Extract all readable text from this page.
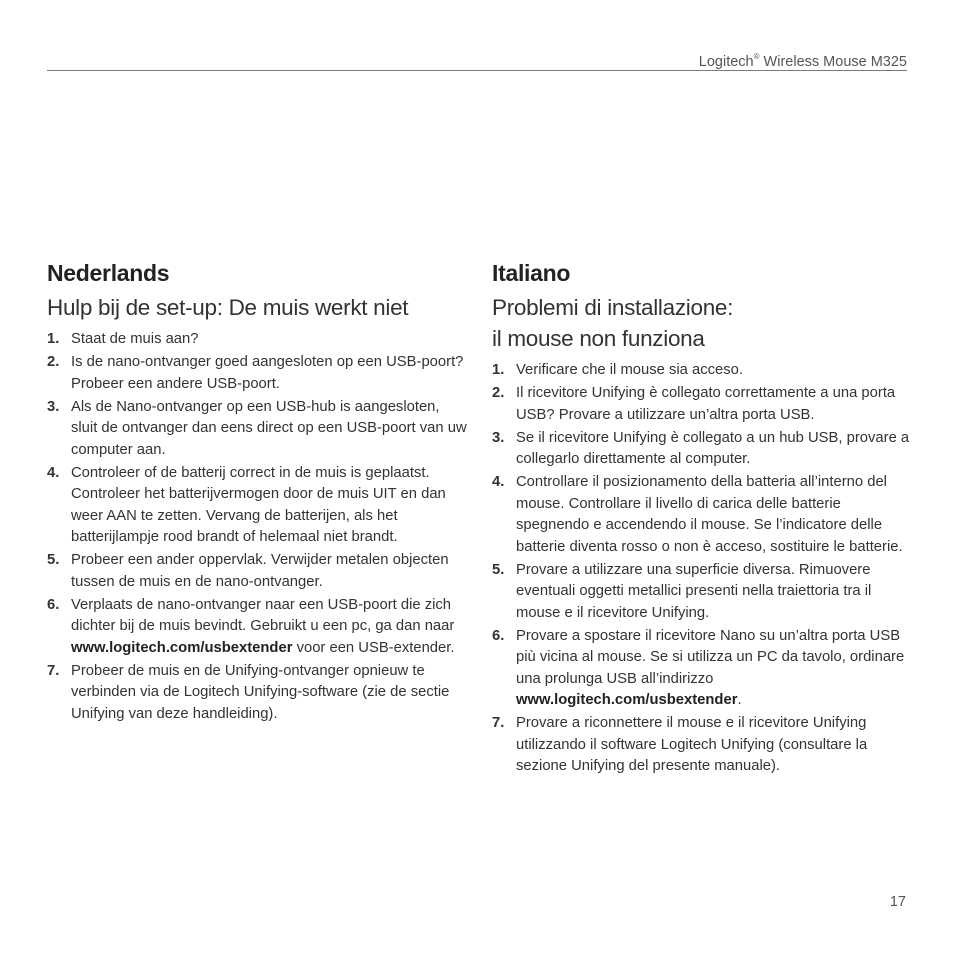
Logitech® Wireless Mouse M325
Nederlands
Hulp bij de set-up: De muis werkt niet
1. Staat de muis aan?
2. Is de nano-ontvanger goed aangesloten op een USB-poort? Probeer een andere USB-poort.
3. Als de Nano-ontvanger op een USB-hub is aangesloten, sluit de ontvanger dan eens direct op een USB-poort van uw computer aan.
4. Controleer of de batterij correct in de muis is geplaatst. Controleer het batterijvermogen door de muis UIT en dan weer AAN te zetten. Vervang de batterijen, als het batterijlampje rood brandt of helemaal niet brandt.
5. Probeer een ander oppervlak. Verwijder metalen objecten tussen de muis en de nano-ontvanger.
6. Verplaats de nano-ontvanger naar een USB-poort die zich dichter bij de muis bevindt. Gebruikt u een pc, ga dan naar www.logitech.com/usbextender voor een USB-extender.
7. Probeer de muis en de Unifying-ontvanger opnieuw te verbinden via de Logitech Unifying-software (zie de sectie Unifying van deze handleiding).
Italiano
Problemi di installazione:
il mouse non funziona
1. Verificare che il mouse sia acceso.
2. Il ricevitore Unifying è collegato correttamente a una porta USB? Provare a utilizzare un’altra porta USB.
3. Se il ricevitore Unifying è collegato a un hub USB, provare a collegarlo direttamente al computer.
4. Controllare il posizionamento della batteria all’interno del mouse. Controllare il livello di carica delle batterie spegnendo e accendendo il mouse. Se l’indicatore delle batterie diventa rosso o non è acceso, sostituire le batterie.
5. Provare a utilizzare una superficie diversa. Rimuovere eventuali oggetti metallici presenti nella traiettoria tra il mouse e il ricevitore Unifying.
6. Provare a spostare il ricevitore Nano su un’altra porta USB più vicina al mouse. Se si utilizza un PC da tavolo, ordinare una prolunga USB all’indirizzo www.logitech.com/usbextender.
7. Provare a riconnettere il mouse e il ricevitore Unifying utilizzando il software Logitech Unifying (consultare la sezione Unifying del presente manuale).
17
